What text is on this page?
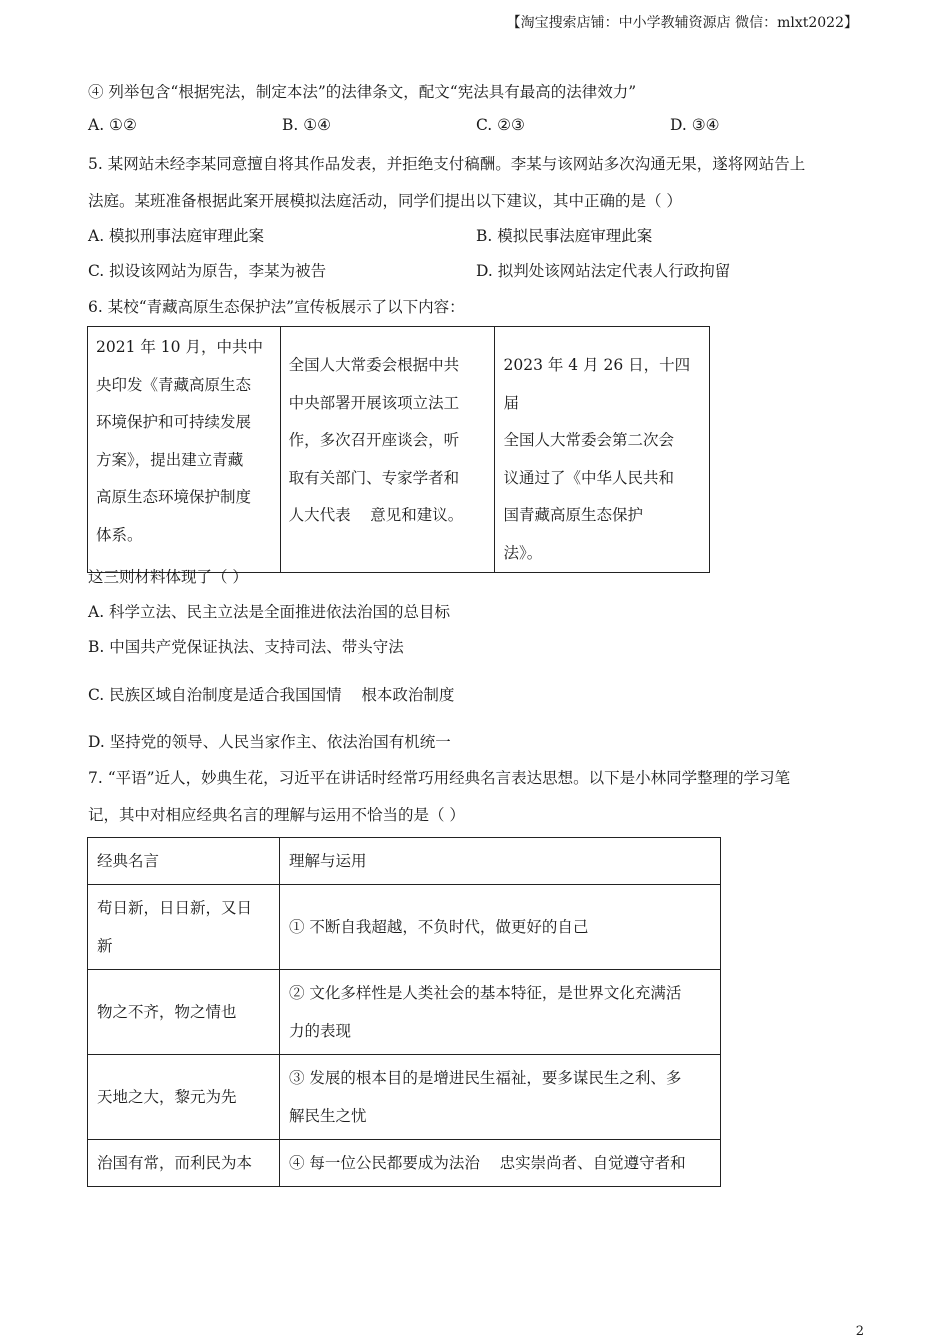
【淘宝搜索店铺：中小学教辅资源店 微信：mlxt2022】
④ 列举包含“根据宪法，制定本法”的法律条文，配文“宪法具有最高的法律效力”
A. ①②	B. ①④	C. ②③	D. ③④
5. 某网站未经李某同意擅自将其作品发表，并拒绝支付稿酬。李某与该网站多次沟通无果，遂将网站告上
法庭。某班准备根据此案开展模拟法庭活动，同学们提出以下建议，其中正确的是（ ）
A. 模拟刑事法庭审理此案	B. 模拟民事法庭审理此案
C. 拟设该网站为原告，李某为被告	D. 拟判处该网站法定代表人行政拘留
6. 某校“青藏高原生态保护法”宣传板展示了以下内容：
2021 年 10 月，中共中
央印发《青藏高原生态
环境保护和可持续发展
方案》，提出建立青藏
高原生态环境保护制度
体系。

全国人大常委会根据中共
中央部署开展该项立法工
作，多次召开座谈会，听
取有关部门、专家学者和
人大代表    意见和建议。

2023 年 4 月 26 日，十四届
全国人大常委会第二次会
议通过了《中华人民共和
国青藏高原生态保护
法》。
这三则材料体现了（ ）
A. 科学立法、民主立法是全面推进依法治国的总目标
B. 中国共产党保证执法、支持司法、带头守法
C. 民族区域自治制度是适合我国国情    根本政治制度
D. 坚持党的领导、人民当家作主、依法治国有机统一
7. “平语”近人，妙典生花，习近平在讲话时经常巧用经典名言表达思想。以下是小林同学整理的学习笔
记，其中对相应经典名言的理解与运用不恰当的是（ ）
经典名言	理解与运用

苟日新，日日新，又日
新	① 不断自我超越，不负时代，做更好的自己

物之不齐，物之情也	② 文化多样性是人类社会的基本特征，是世界文化充满活
力的表现

天地之大，黎元为先	③ 发展的根本目的是增进民生福祉，要多谋民生之利、多
解民生之忧

治国有常，而利民为本	④ 每一位公民都要成为法治    忠实崇尚者、自觉遵守者和
2
